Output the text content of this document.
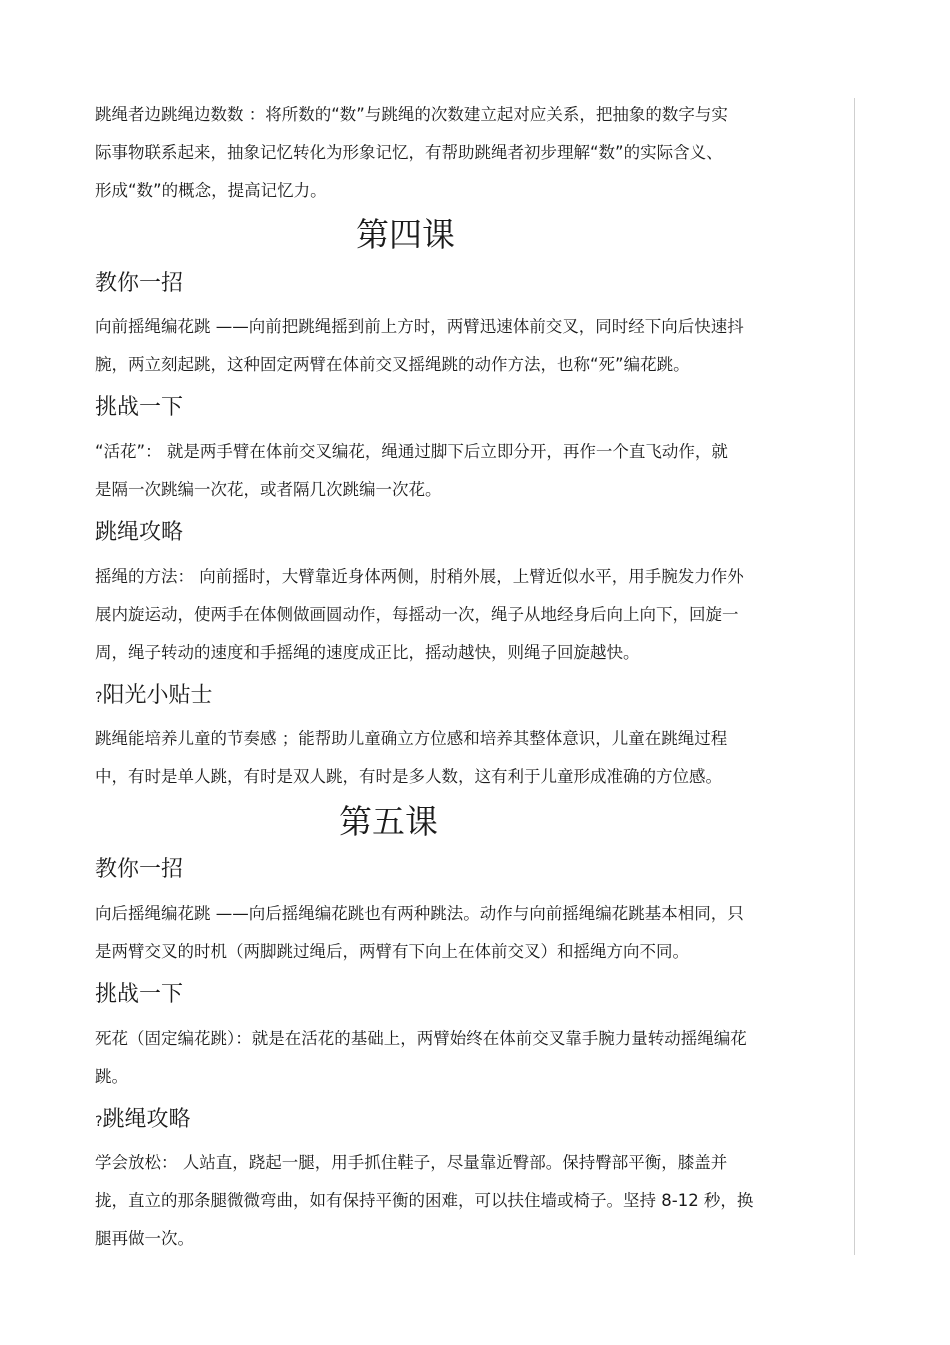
跳绳者边跳绳边数数 ：将所数的“数”与跳绳的次数建立起对应关系，把抽象的数字与实
际事物联系起来，抽象记忆转化为形象记忆，有帮助跳绳者初步理解“数”的实际含义、
形成“数”的概念，提高记忆力。
第四课
教你一招
向前摇绳编花跳 ——向前把跳绳摇到前上方时，两臂迅速体前交叉，同时经下向后快速抖
腕，两立刻起跳，这种固定两臂在体前交叉摇绳跳的动作方法，也称“死”编花跳。
挑战一下
“活花”： 就是两手臂在体前交叉编花，绳通过脚下后立即分开，再作一个直飞动作，就
是隔一次跳编一次花，或者隔几次跳编一次花。
跳绳攻略
摇绳的方法： 向前摇时，大臂靠近身体两侧，肘稍外展，上臂近似水平，用手腕发力作外
展内旋运动，使两手在体侧做画圆动作，每摇动一次，绳子从地经身后向上向下，回旋一
周，绳子转动的速度和手摇绳的速度成正比，摇动越快，则绳子回旋越快。
?阳光小贴士
跳绳能培养儿童的节奏感 ；能帮助儿童确立方位感和培养其整体意识，儿童在跳绳过程
中，有时是单人跳，有时是双人跳，有时是多人数，这有利于儿童形成准确的方位感。
第五课
教你一招
向后摇绳编花跳 ——向后摇绳编花跳也有两种跳法。动作与向前摇绳编花跳基本相同，只
是两臂交叉的时机（两脚跳过绳后，两臂有下向上在体前交叉）和摇绳方向不同。
挑战一下
死花（固定编花跳）：就是在活花的基础上，两臂始终在体前交叉靠手腕力量转动摇绳编花
跳。
?跳绳攻略
学会放松： 人站直，跷起一腿，用手抓住鞋子，尽量靠近臀部。保持臀部平衡，膝盖并
拢，直立的那条腿微微弯曲，如有保持平衡的困难，可以扶住墙或椅子。坚持 8-12 秒，换
腿再做一次。
